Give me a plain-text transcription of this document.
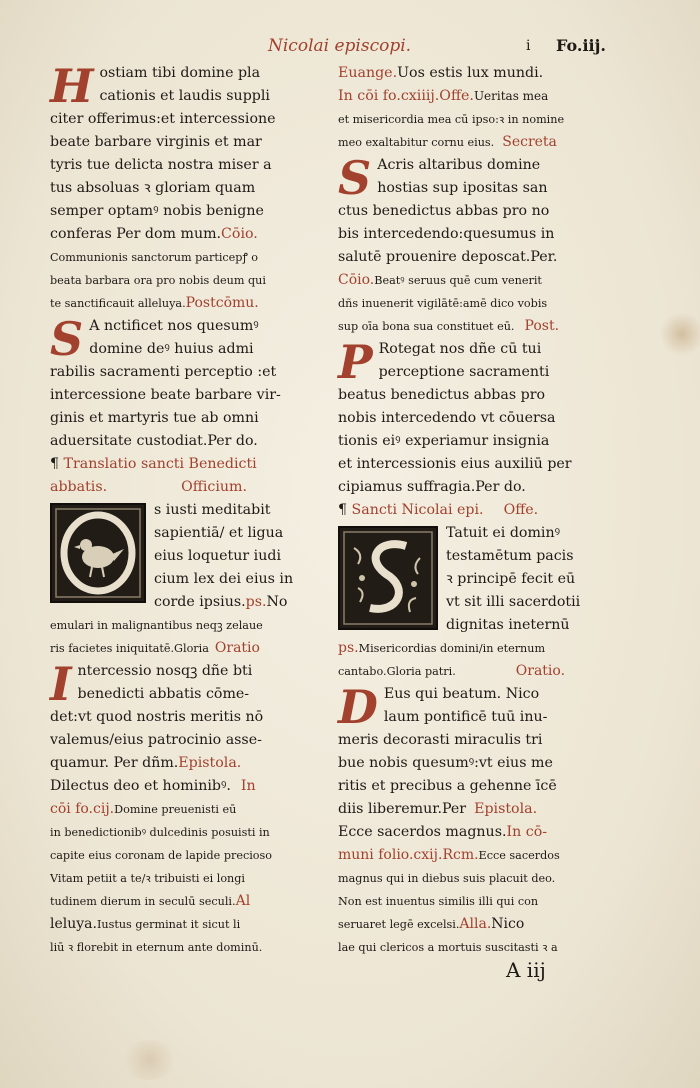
Nicolai episcopi.	i Fo.iij.
H ostiam tibi domine pla
cationis et laudis suppli
citer offerimus:et intercessione
beate barbare virginis et mar
tyris tue delicta nostra miser a
tus absoluas ꝛ gloriam quam
semper optamꝰ nobis benigne
conferas Per dom mum.Cōio.
Communionis sanctorum particepꝭ o
beata barbara ora pro nobis deum qui
te sanctificauit alleluya.Postcōmu.
S A nctificet nos quesumꝰ
domine deꝰ huius admi
rabilis sacramenti perceptio :et
intercessione beate barbare vir-
ginis et martyris tue ab omni
aduersitate custodiat.Per do.
¶ Translatio sancti Benedicti
abbatis.	Officium.
s iusti meditabit
sapientiā/ et ligua
eius loquetur iudi
cium lex dei eius in
corde ipsius.ps.No
emulari in malignantibus neqꝫ zelaue
ris facietes iniquitatē.Gloria Oratio
I ntercessio nosqꝫ dñe bti
benedicti abbatis cōme-
det:vt quod nostris meritis nō
valemus/eius patrocinio asse-
quamur. Per dñm.Epistola.
Dilectus deo et hominibꝰ. In
cōi fo.cij.Domine preuenisti eū
in benedictionibꝰ dulcedinis posuisti in
capite eius coronam de lapide precioso
Vitam petiit a te/ꝛ tribuisti ei longi
tudinem dierum in seculū seculi.Al
leluya.Iustus germinat it sicut li
liū ꝛ florebit in eternum ante dominū.
Euange.Uos estis lux mundi.
In cōi fo.cxiiij.Offe.Ueritas mea
et misericordia mea cū ipso:ꝛ in nomine
meo exaltabitur cornu eius. Secreta
S Acris altaribus domine
hostias sup ipositas san
ctus benedictus abbas pro no
bis intercedendo:quesumus in
salutē prouenire deposcat.Per.
Cōio.Beatꝰ seruus quē cum venerit
dñs inuenerit vigilātē:amē dico vobis
sup oīa bona sua constituet eū. Post.
P Rotegat nos dñe cū tui
perceptione sacramenti
beatus benedictus abbas pro
nobis intercedendo vt cōuersa
tionis eiꝰ experiamur insignia
et intercessionis eius auxiliū per
cipiamus suffragia.Per do.
¶ Sancti Nicolai epi. Offe.
Tatuit ei dominꝰ
testamētum pacis
ꝛ principē fecit eū
vt sit illi sacerdotii
dignitas ineternū
ps.Misericordias domini/in eternum
cantabo.Gloria patri.	Oratio.
D Eus qui beatum. Nico
laum pontificē tuū inu-
meris decorasti miraculis tri
bue nobis quesumꝰ:vt eius me
ritis et precibus a gehenne īcē
diis liberemur.Per Epistola.
Ecce sacerdos magnus.In cō-
muni folio.cxij.Rcm.Ecce sacerdos
magnus qui in diebus suis placuit deo.
Non est inuentus similis illi qui con
seruaret legē excelsi.Alla.Nico
lae qui clericos a mortuis suscitasti ꝛ a
A iij
